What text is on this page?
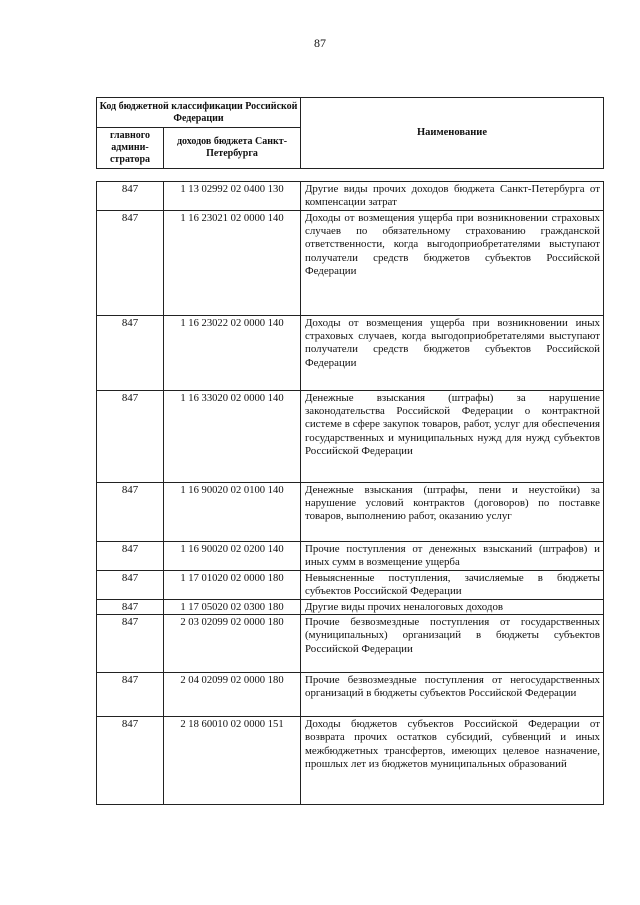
87
Код бюджетной классификации Российской Федерации		Наименование
главного админи-стратора	доходов бюджета Санкт-Петербурга	
847	1 13 02992 02 0400 130	Другие виды прочих доходов бюджета Санкт-Петербурга от компенсации затрат
847	1 16 23021 02 0000 140	Доходы от возмещения ущерба при возникновении страховых случаев по обязательному страхованию гражданской ответственности, когда выгодоприобретателями выступают получатели средств бюджетов субъектов Российской Федерации
847	1 16 23022 02 0000 140	Доходы от возмещения ущерба при возникновении иных страховых случаев, когда выгодоприобретателями выступают получатели средств бюджетов субъектов Российской Федерации
847	1 16 33020 02 0000 140	Денежные взыскания (штрафы) за нарушение законодательства Российской Федерации о контрактной системе в сфере закупок товаров, работ, услуг для обеспечения государственных и муниципальных нужд для нужд субъектов Российской Федерации
847	1 16 90020 02 0100 140	Денежные взыскания (штрафы, пени и неустойки) за нарушение условий контрактов (договоров) по поставке товаров, выполнению работ, оказанию услуг
847	1 16 90020 02 0200 140	Прочие поступления от денежных взысканий (штрафов) и иных сумм в возмещение ущерба
847	1 17 01020 02 0000 180	Невыясненные поступления, зачисляемые в бюджеты субъектов Российской Федерации
847	1 17 05020 02 0300 180	Другие виды прочих неналоговых доходов
847	2 03 02099 02 0000 180	Прочие безвозмездные поступления от государственных (муниципальных) организаций в бюджеты субъектов Российской Федерации
847	2 04 02099 02 0000 180	Прочие безвозмездные поступления от негосударственных организаций в бюджеты субъектов Российской Федерации
847	2 18 60010 02 0000 151	Доходы бюджетов субъектов Российской Федерации от возврата прочих остатков субсидий, субвенций и иных межбюджетных трансфертов, имеющих целевое назначение, прошлых лет из бюджетов муниципальных образований
